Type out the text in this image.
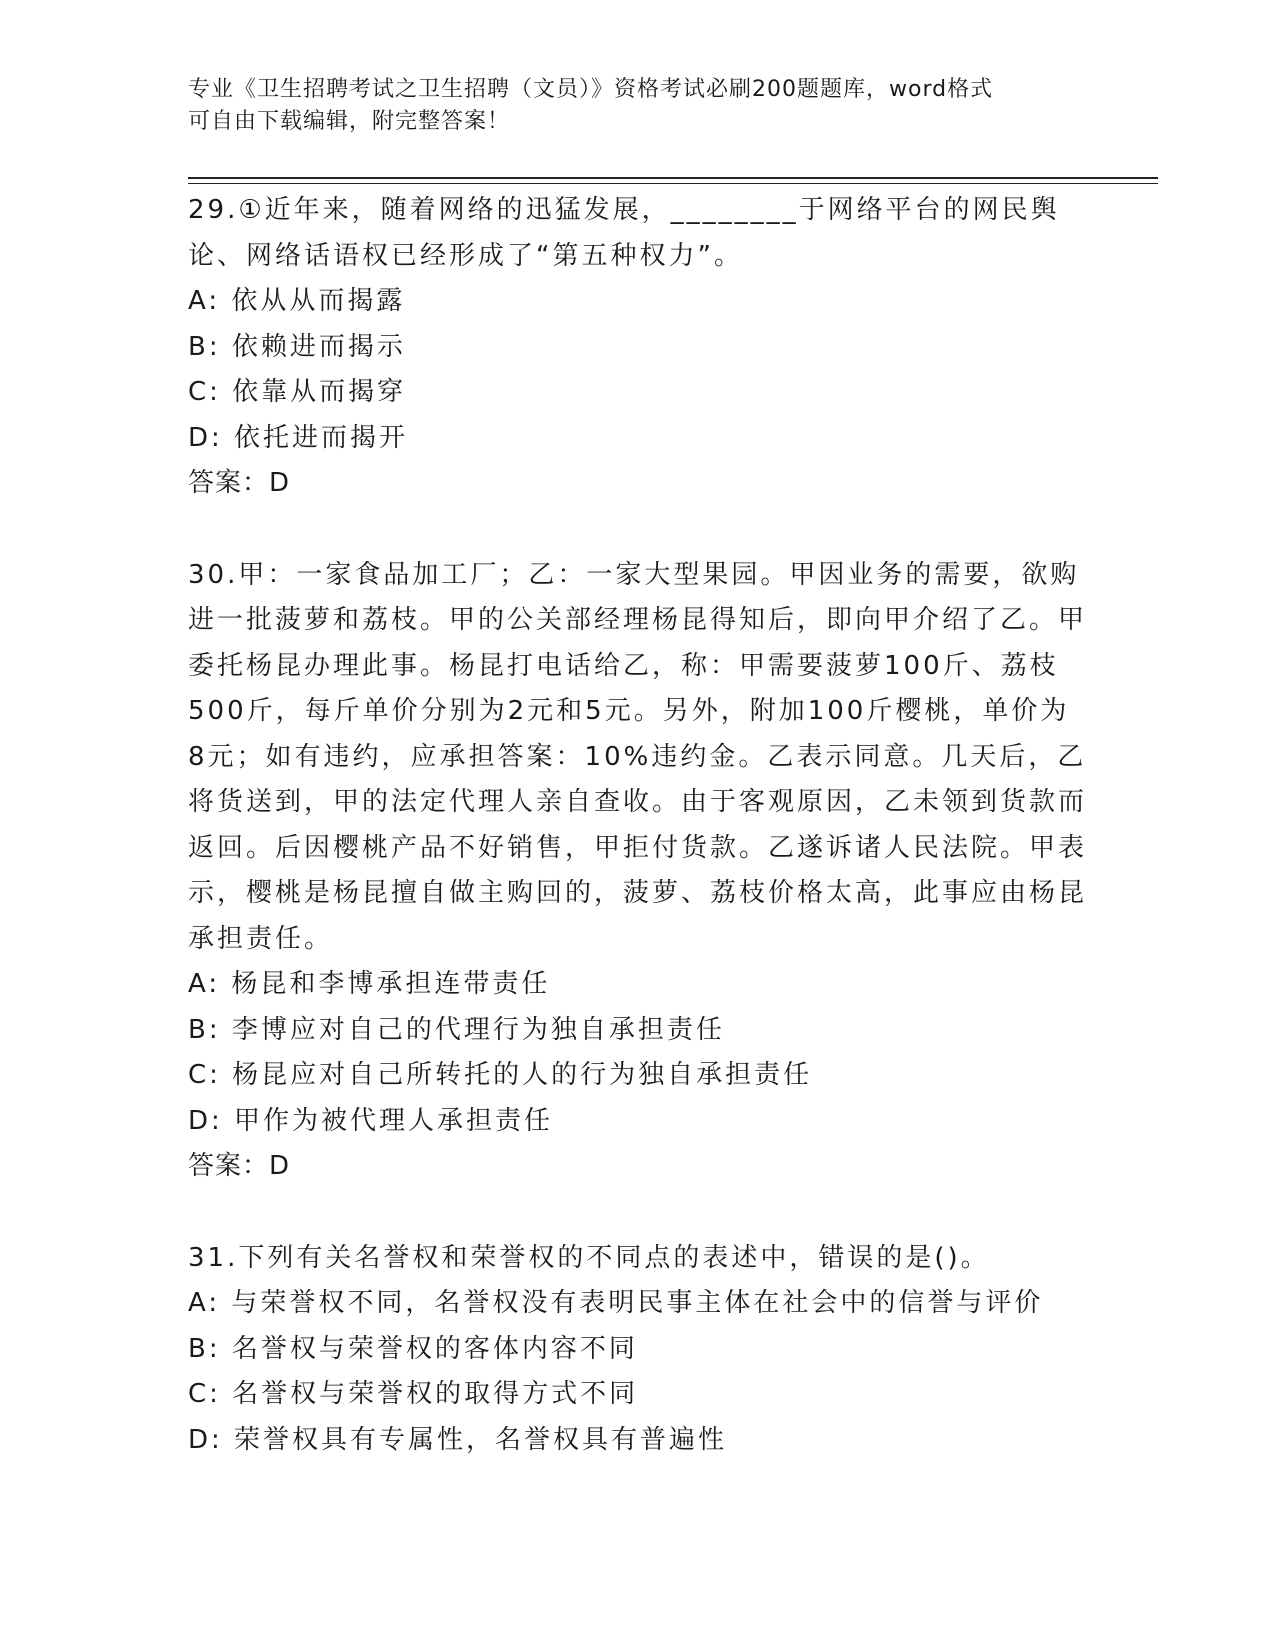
专业《卫生招聘考试之卫生招聘（文员）》资格考试必刷200题题库，word格式
可自由下载编辑，附完整答案！
29.①近年来，随着网络的迅猛发展，________于网络平台的网民舆论、网络话语权已经形成了“第五种权力”。
A: 依从从而揭露
B: 依赖进而揭示
C: 依靠从而揭穿
D: 依托进而揭开
答案：D
30.甲：一家食品加工厂；乙：一家大型果园。甲因业务的需要，欲购进一批菠萝和荔枝。甲的公关部经理杨昆得知后，即向甲介绍了乙。甲委托杨昆办理此事。杨昆打电话给乙，称：甲需要菠萝100斤、荔枝500斤，每斤单价分别为2元和5元。另外，附加100斤樱桃，单价为8元；如有违约，应承担答案：10%违约金。乙表示同意。几天后，乙将货送到，甲的法定代理人亲自查收。由于客观原因，乙未领到货款而返回。后因樱桃产品不好销售，甲拒付货款。乙遂诉诸人民法院。甲表示，樱桃是杨昆擅自做主购回的，菠萝、荔枝价格太高，此事应由杨昆承担责任。
A: 杨昆和李博承担连带责任
B: 李博应对自己的代理行为独自承担责任
C: 杨昆应对自己所转托的人的行为独自承担责任
D: 甲作为被代理人承担责任
答案：D
31.下列有关名誉权和荣誉权的不同点的表述中，错误的是()。
A: 与荣誉权不同，名誉权没有表明民事主体在社会中的信誉与评价
B: 名誉权与荣誉权的客体内容不同
C: 名誉权与荣誉权的取得方式不同
D: 荣誉权具有专属性，名誉权具有普遍性
